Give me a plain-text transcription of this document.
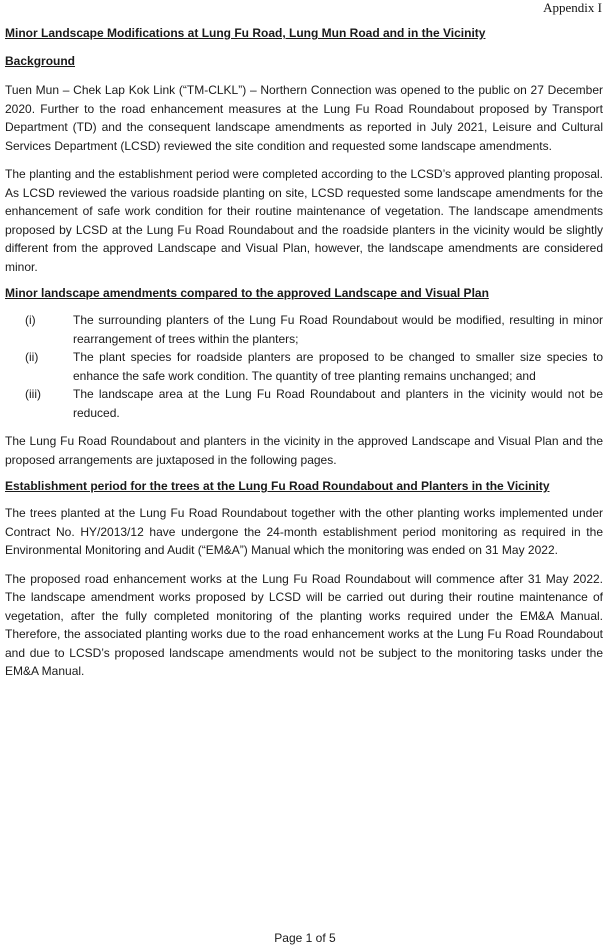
Appendix I

Minor Landscape Modifications at Lung Fu Road, Lung Mun Road and in the Vicinity

Background

Tuen Mun – Chek Lap Kok Link (“TM-CLKL”) – Northern Connection was opened to the public on 27 December 2020. Further to the road enhancement measures at the Lung Fu Road Roundabout proposed by Transport Department (TD) and the consequent landscape amendments as reported in July 2021, Leisure and Cultural Services Department (LCSD) reviewed the site condition and requested some landscape amendments.

The planting and the establishment period were completed according to the LCSD’s approved planting proposal. As LCSD reviewed the various roadside planting on site, LCSD requested some landscape amendments for the enhancement of safe work condition for their routine maintenance of vegetation. The landscape amendments proposed by LCSD at the Lung Fu Road Roundabout and the roadside planters in the vicinity would be slightly different from the approved Landscape and Visual Plan, however, the landscape amendments are considered minor.

Minor landscape amendments compared to the approved Landscape and Visual Plan

(i)	The surrounding planters of the Lung Fu Road Roundabout would be modified, resulting in minor rearrangement of trees within the planters;
(ii)	The plant species for roadside planters are proposed to be changed to smaller size species to enhance the safe work condition. The quantity of tree planting remains unchanged; and
(iii)	The landscape area at the Lung Fu Road Roundabout and planters in the vicinity would not be reduced.

The Lung Fu Road Roundabout and planters in the vicinity in the approved Landscape and Visual Plan and the proposed arrangements are juxtaposed in the following pages.

Establishment period for the trees at the Lung Fu Road Roundabout and Planters in the Vicinity

The trees planted at the Lung Fu Road Roundabout together with the other planting works implemented under Contract No. HY/2013/12 have undergone the 24-month establishment period monitoring as required in the Environmental Monitoring and Audit (“EM&A”) Manual which the monitoring was ended on 31 May 2022.

The proposed road enhancement works at the Lung Fu Road Roundabout will commence after 31 May 2022. The landscape amendment works proposed by LCSD will be carried out during their routine maintenance of vegetation, after the fully completed monitoring of the planting works required under the EM&A Manual. Therefore, the associated planting works due to the road enhancement works at the Lung Fu Road Roundabout and due to LCSD’s proposed landscape amendments would not be subject to the monitoring tasks under the EM&A Manual.

Page 1 of 5
